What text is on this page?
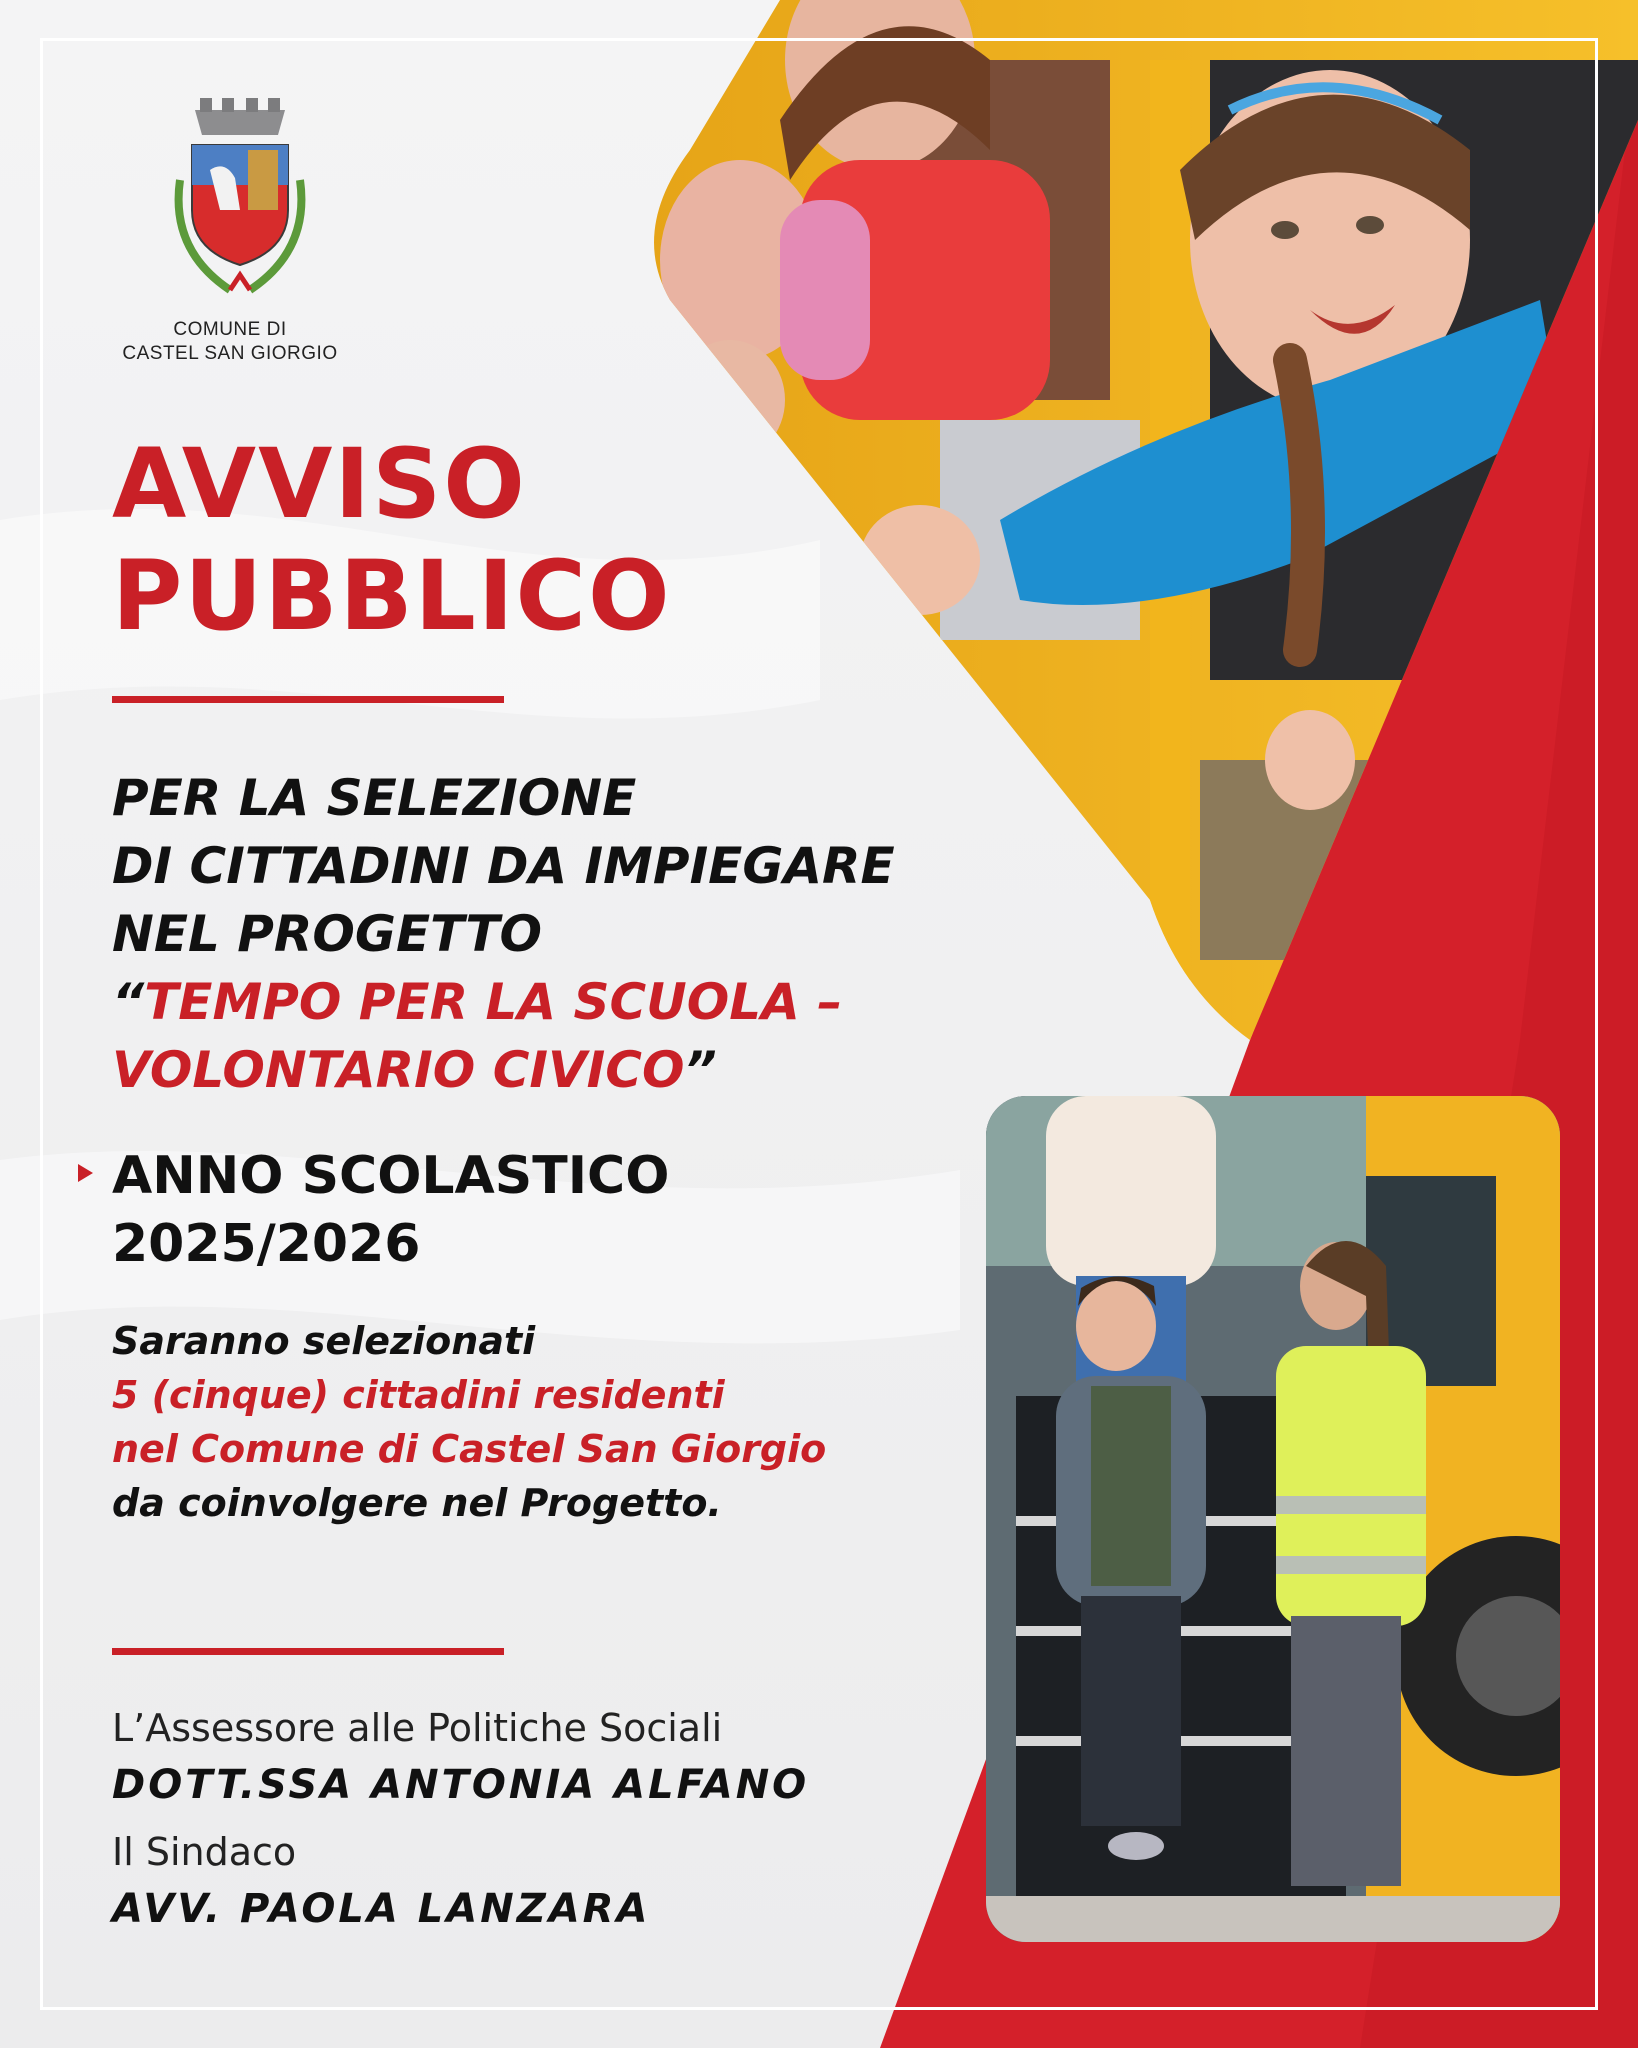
COMUNE DI
CASTEL SAN GIORGIO
AVVISO
PUBBLICO
PER LA SELEZIONE
DI CITTADINI DA IMPIEGARE
NEL PROGETTO
“TEMPO PER LA SCUOLA –
VOLONTARIO CIVICO”
ANNO SCOLASTICO
2025/2026
Saranno selezionati
5 (cinque) cittadini residenti
nel Comune di Castel San Giorgio
da coinvolgere nel Progetto.
L’Assessore alle Politiche Sociali
DOTT.SSA ANTONIA ALFANO
Il Sindaco
AVV. PAOLA LANZARA
